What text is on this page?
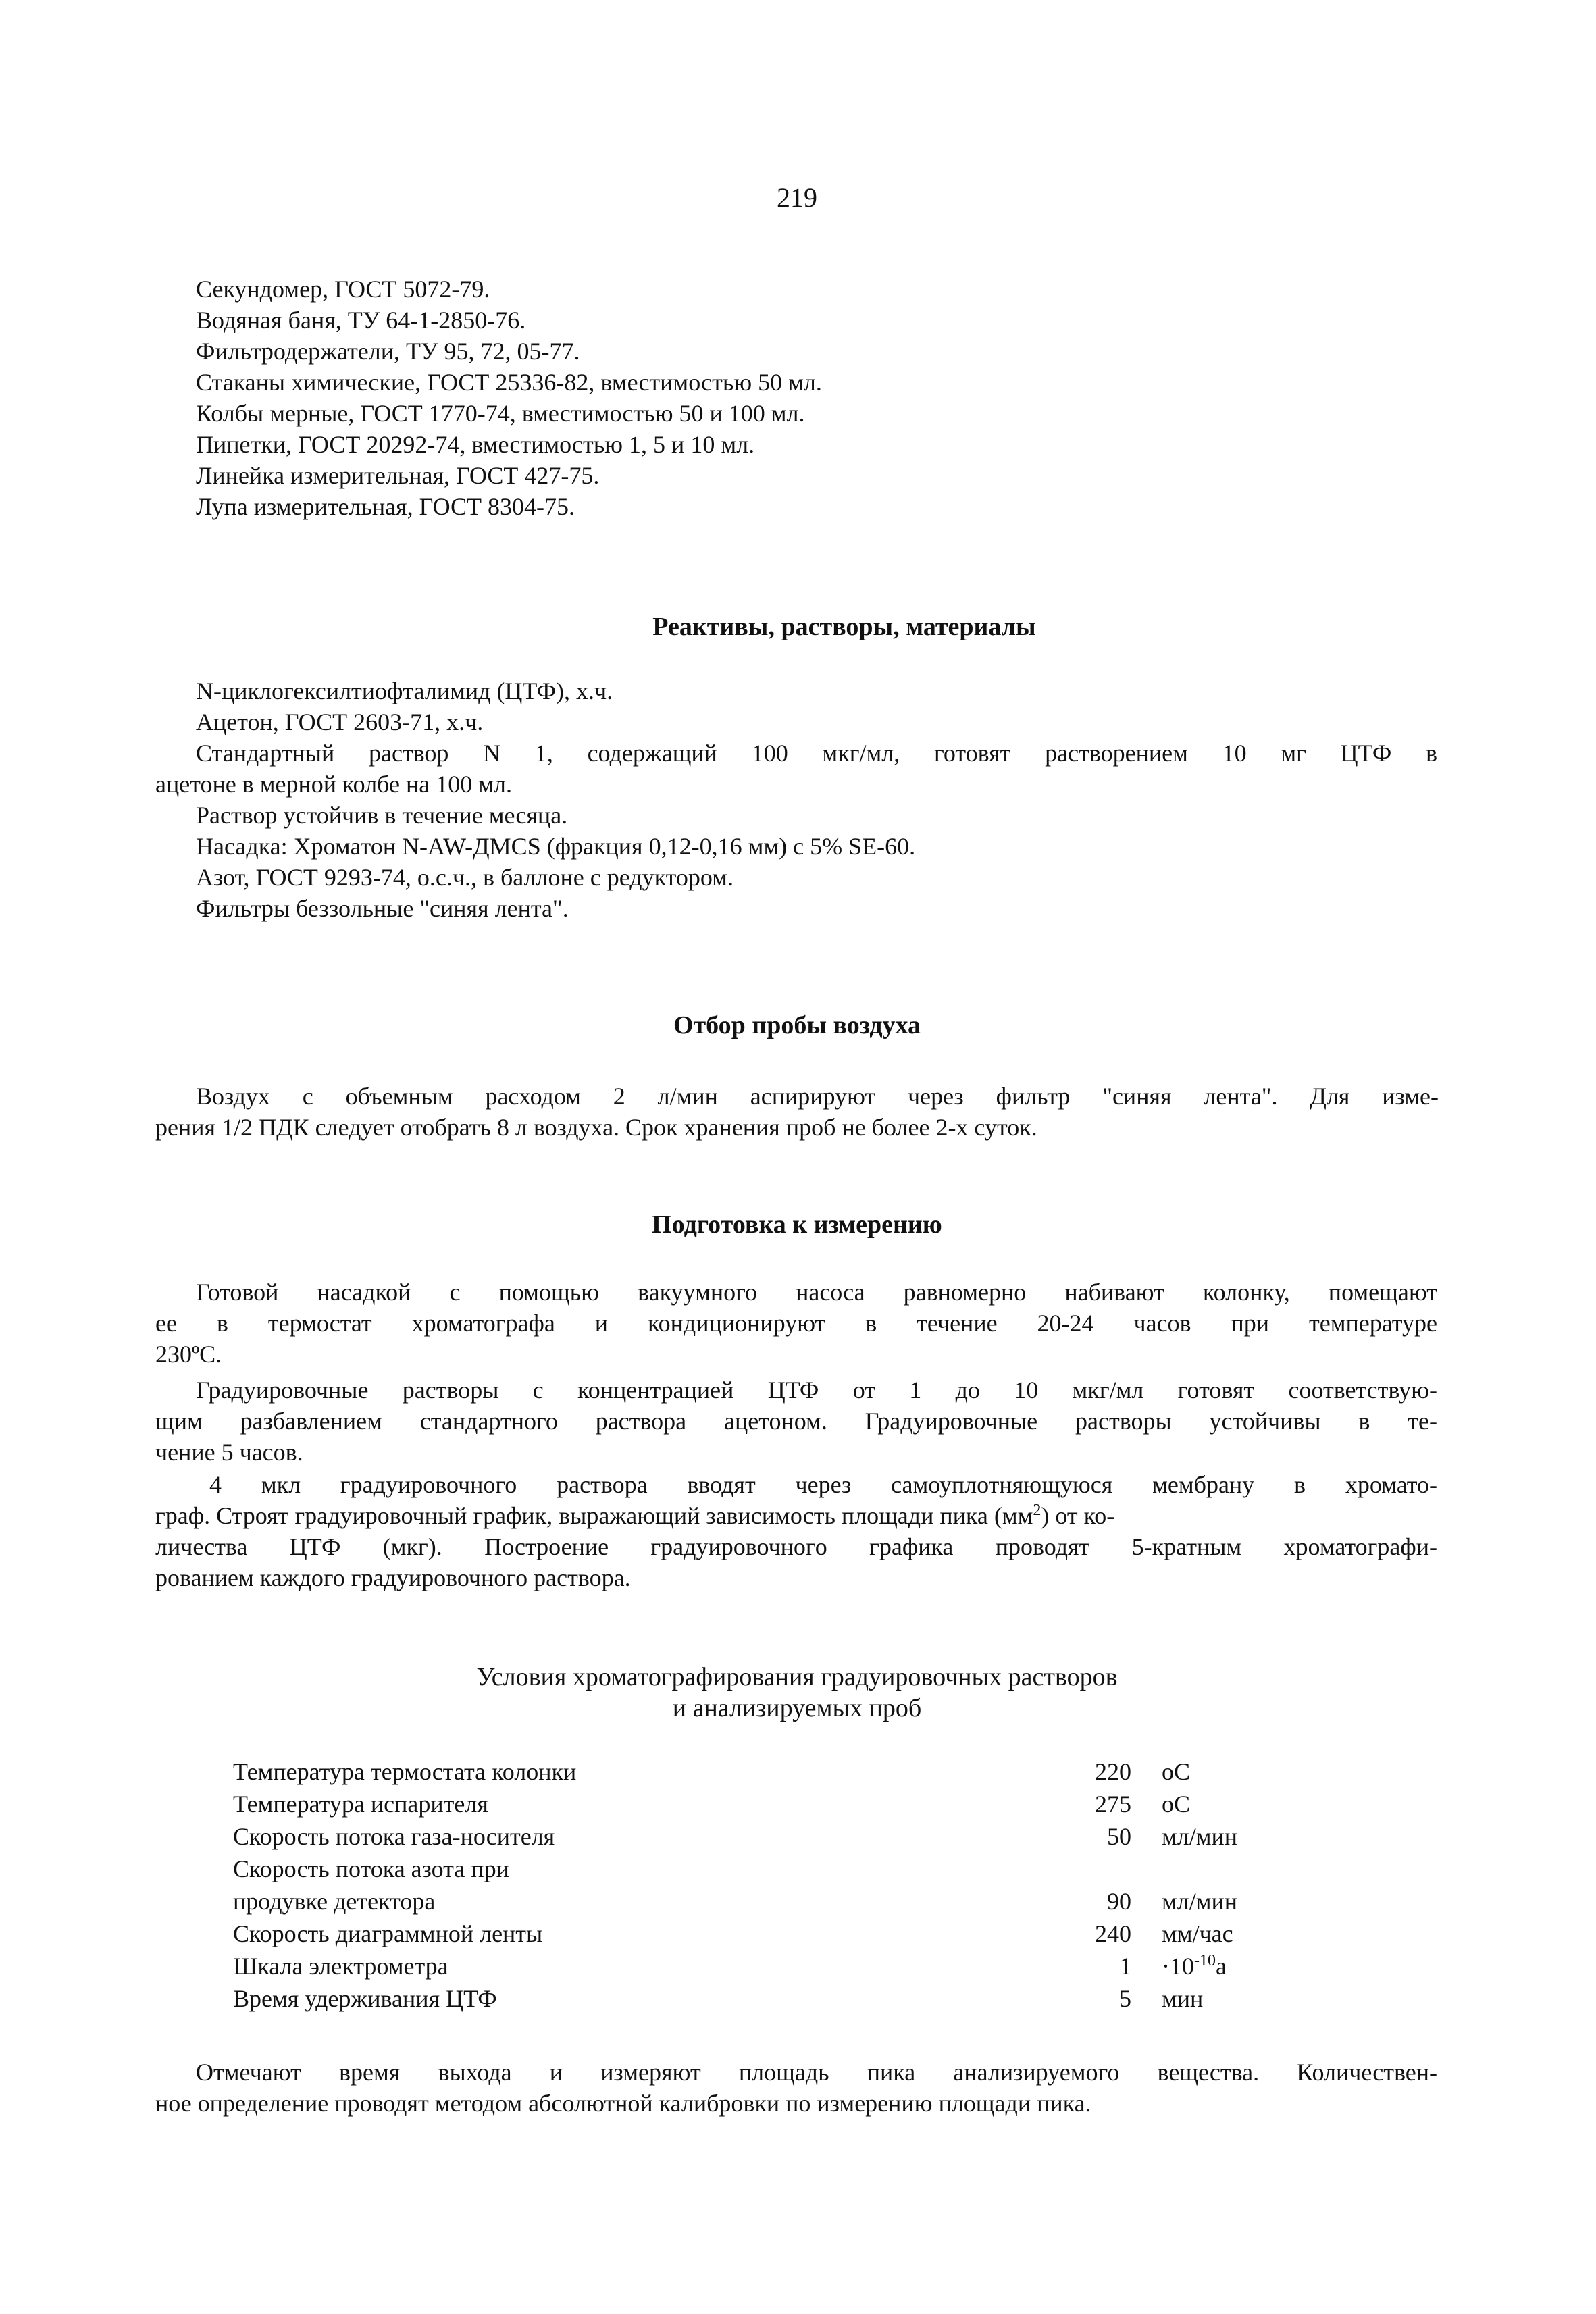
219
Секундомер, ГОСТ 5072-79.
Водяная баня, ТУ 64-1-2850-76.
Фильтродержатели, ТУ 95, 72, 05-77.
Стаканы химические, ГОСТ 25336-82, вместимостью 50 мл.
Колбы мерные, ГОСТ 1770-74, вместимостью 50 и 100 мл.
Пипетки, ГОСТ 20292-74, вместимостью 1, 5 и 10 мл.
Линейка измерительная, ГОСТ 427-75.
Лупа измерительная, ГОСТ 8304-75.
Реактивы, растворы, материалы
N-циклогексилтиофталимид (ЦТФ), х.ч.
Ацетон, ГОСТ 2603-71, х.ч.
Стандартный раствор N 1, содержащий 100 мкг/мл, готовят растворением 10 мг ЦТФ в
ацетоне в мерной колбе на 100 мл.
Раствор устойчив в течение месяца.
Насадка: Хроматон N-AW-ДМCS (фракция 0,12-0,16 мм) с 5% SE-60.
Азот, ГОСТ 9293-74, о.с.ч., в баллоне с редуктором.
Фильтры беззольные "синяя лента".
Отбор пробы воздуха
Воздух с объемным расходом 2 л/мин аспирируют через фильтр "синяя лента". Для изме-
рения 1/2 ПДК следует отобрать 8 л воздуха. Срок хранения проб не более 2-х суток.
Подготовка к измерению
Готовой насадкой с помощью вакуумного насоса равномерно набивают колонку, помещают
ее в термостат хроматографа и кондиционируют в течение 20-24 часов при температуре
230ºС.
Градуировочные растворы с концентрацией ЦТФ от 1 до 10 мкг/мл готовят соответствую-
щим разбавлением стандартного раствора ацетоном. Градуировочные растворы устойчивы в те-
чение 5 часов.
4 мкл градуировочного раствора вводят через самоуплотняющуюся мембрану в хромато-
граф. Строят градуировочный график, выражающий зависимость площади пика $(мм^2)$ от ко-
личества ЦТФ (мкг). Построение градуировочного графика проводят 5-кратным хроматографи-
рованием каждого градуировочного раствора.
Условия хроматографирования градуировочных растворов
и анализируемых проб
Температура термостата колонки	220	оС
Температура испарителя	275	оС
Скорость потока газа-носителя	50	мл/мин
Скорость потока азота при		
продувке детектора	90	мл/мин
Скорость диаграммной ленты	240	мм/час
Шкала электрометра	1	$\cdot 10^{-10}а$
Время удерживания ЦТФ	5	мин
Отмечают время выхода и измеряют площадь пика анализируемого вещества. Количествен-
ное определение проводят методом абсолютной калибровки по измерению площади пика.
